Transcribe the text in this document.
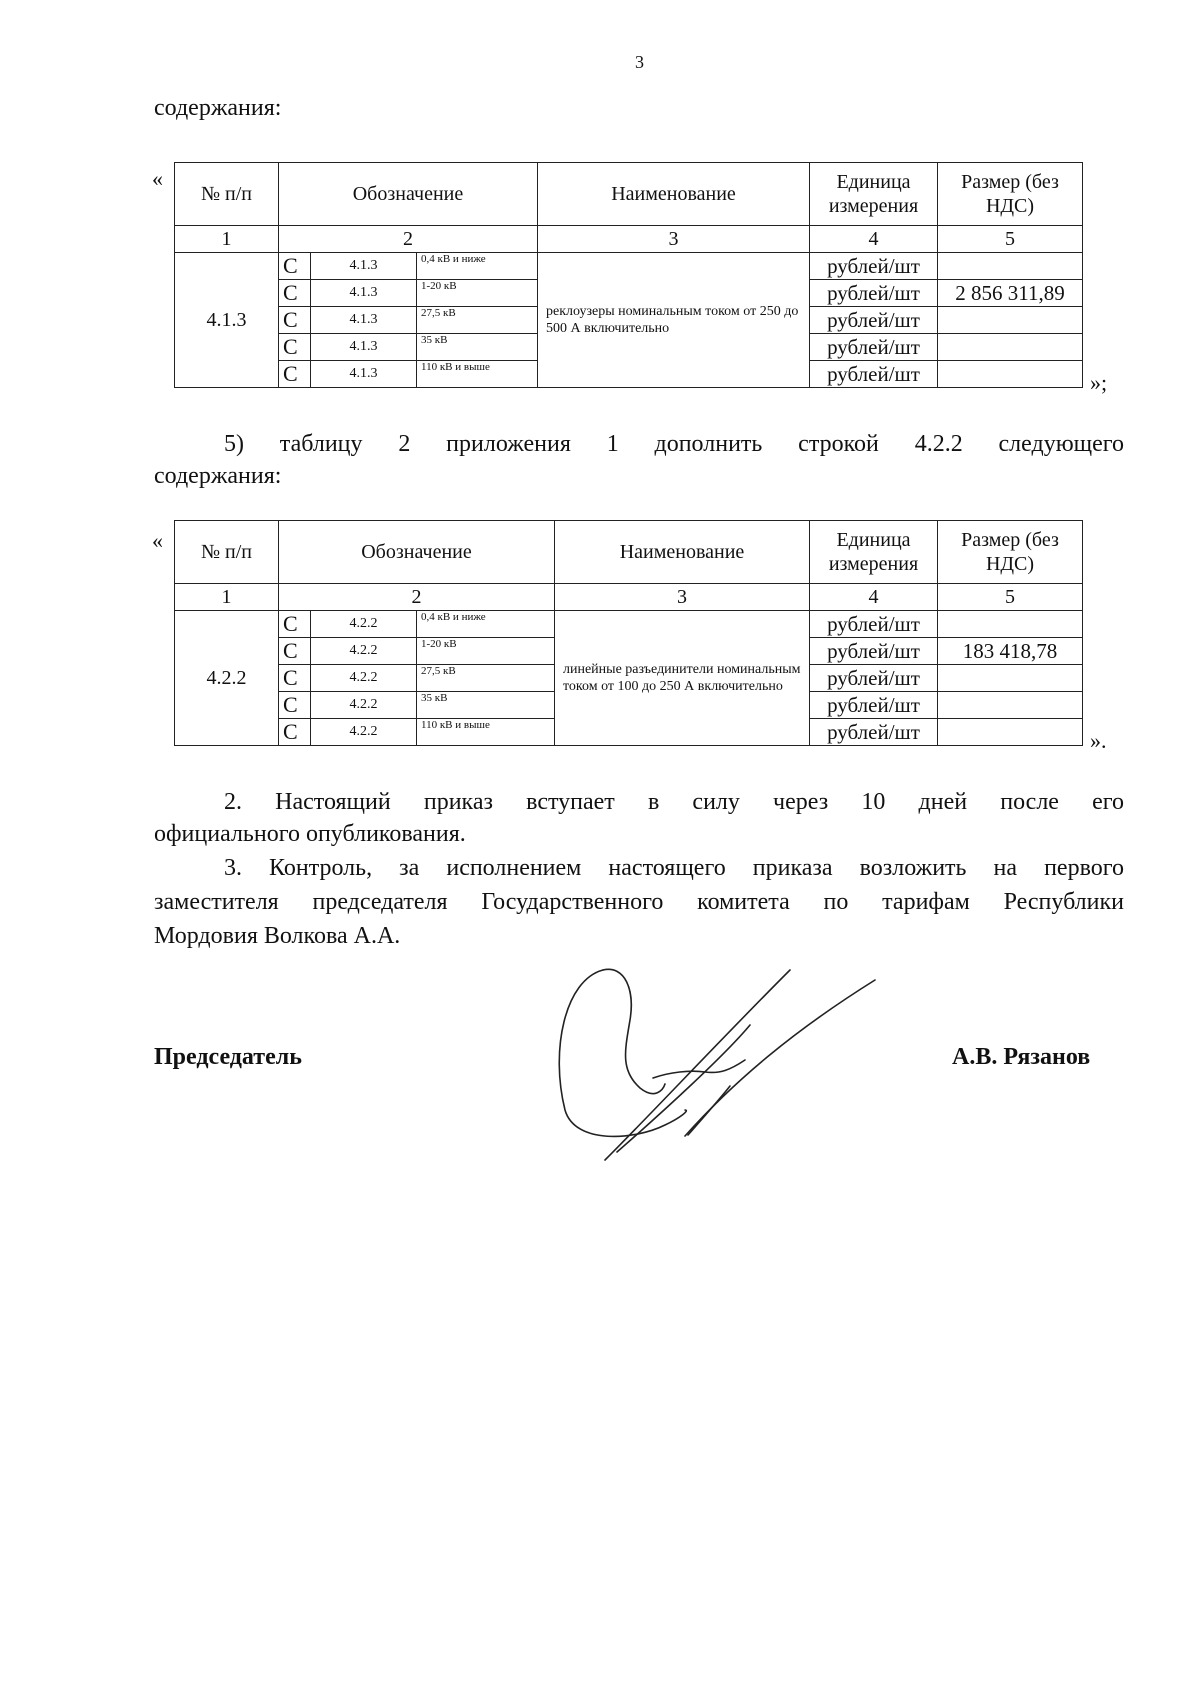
3
содержания:
«
№ п/п	Обозначение			Наименование	Единица измерения	Размер (без НДС)
1	2			3	4	5
4.1.3	С	4.1.3	0,4 кВ и ниже	реклоузеры номинальным током от 250 до 500 А включительно	рублей/шт	
	С	4.1.3	1-20 кВ		рублей/шт	2 856 311,89
	С	4.1.3	27,5 кВ		рублей/шт	
	С	4.1.3	35 кВ		рублей/шт	
	С	4.1.3	110 кВ и выше		рублей/шт		»;
5) таблицу 2 приложения 1 дополнить строкой 4.2.2 следующего
содержания:
« № п/п	Обозначение			Наименование	Единица измерения	Размер (без НДС)
1	2			3	4	5
4.2.2	С	4.2.2	0,4 кВ и ниже	линейные разъединители номинальным током от 100 до 250 А включительно	рублей/шт	
	С	4.2.2	1-20 кВ		рублей/шт	183 418,78
	С	4.2.2	27,5 кВ		рублей/шт	
	С	4.2.2	35 кВ		рублей/шт	
	С	4.2.2	110 кВ и выше		рублей/шт		».
2. Настоящий приказ вступает в силу через 10 дней после его
официального опубликования.
3. Контроль, за исполнением настоящего приказа возложить на первого
заместителя председателя Государственного комитета по тарифам Республики
Мордовия Волкова А.А.
Председатель	А.В. Рязанов
